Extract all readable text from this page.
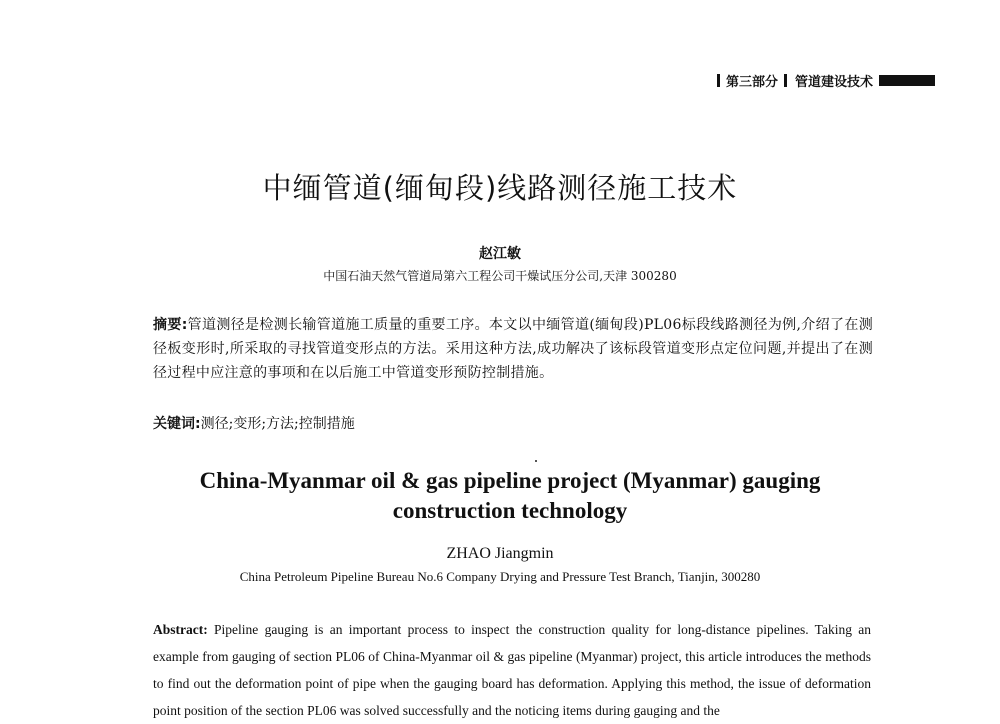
第三部分 管道建设技术
中缅管道(缅甸段)线路测径施工技术
赵江敏
中国石油天然气管道局第六工程公司干燥试压分公司,天津 300280
摘要:管道测径是检测长输管道施工质量的重要工序。本文以中缅管道(缅甸段)PL06标段线路测径为例,介绍了在测径板变形时,所采取的寻找管道变形点的方法。采用这种方法,成功解决了该标段管道变形点定位问题,并提出了在测径过程中应注意的事项和在以后施工中管道变形预防控制措施。
关键词:测径;变形;方法;控制措施
China-Myanmar oil & gas pipeline project (Myanmar) gauging
construction technology
ZHAO Jiangmin
China Petroleum Pipeline Bureau No.6 Company Drying and Pressure Test Branch, Tianjin, 300280
Abstract: Pipeline gauging is an important process to inspect the construction quality for long-distance pipelines. Taking an example from gauging of section PL06 of China-Myanmar oil & gas pipeline (Myanmar) project, this article introduces the methods to find out the deformation point of pipe when the gauging board has deformation. Applying this method, the issue of deformation point position of the section PL06 was solved successfully and the noticing items during gauging and the
